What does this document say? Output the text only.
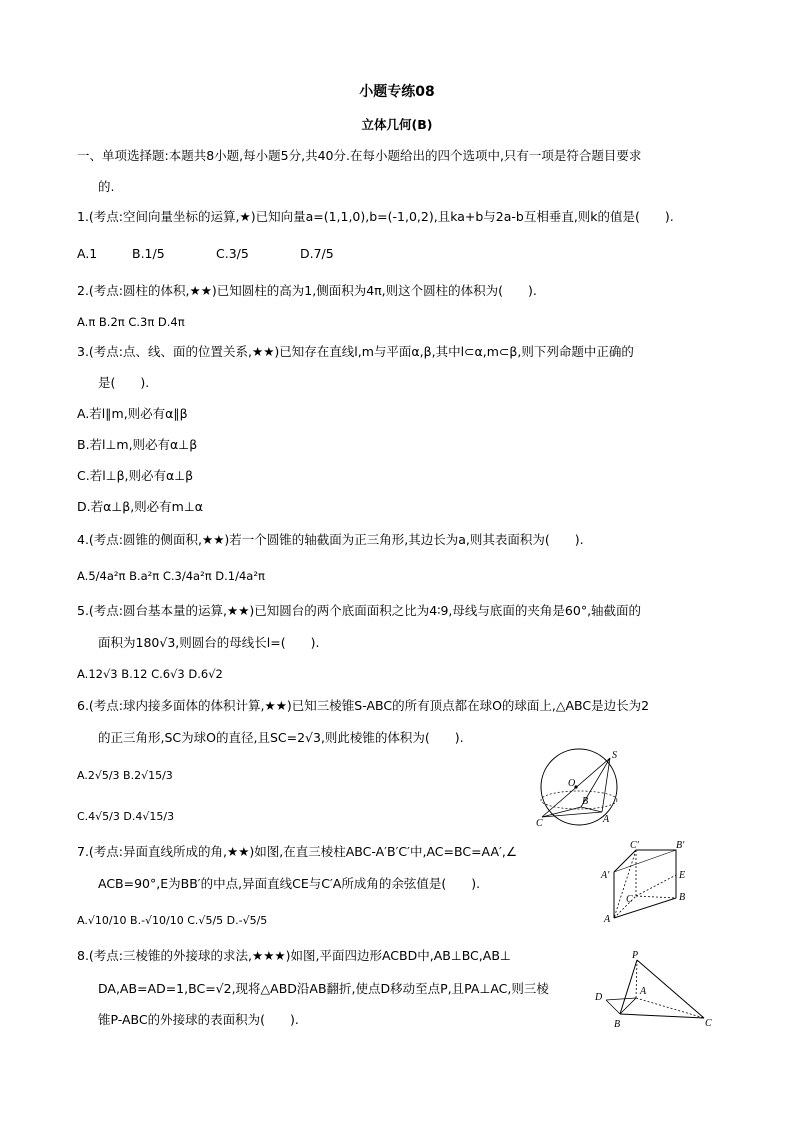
小题专练08
立体几何(B)
一、单项选择题:本题共8小题,每小题5分,共40分.在每小题给出的四个选项中,只有一项是符合题目要求
的.
1.(考点:空间向量坐标的运算,★)已知向量a=(1,1,0),b=(-1,0,2),且ka+b与2a-b互相垂直,则k的值是(　　).
A.1	B.1/5	C.3/5	D.7/5
2.(考点:圆柱的体积,★★)已知圆柱的高为1,侧面积为4π,则这个圆柱的体积为(　　).
A.π B.2π C.3π D.4π
3.(考点:点、线、面的位置关系,★★)已知存在直线l,m与平面α,β,其中l⊂α,m⊂β,则下列命题中正确的
是(　　).
A.若l∥m,则必有α∥β
B.若l⊥m,则必有α⊥β
C.若l⊥β,则必有α⊥β
D.若α⊥β,则必有m⊥α
4.(考点:圆锥的侧面积,★★)若一个圆锥的轴截面为正三角形,其边长为a,则其表面积为(　　).
A.5/4a²π B.a²π C.3/4a²π D.1/4a²π
5.(考点:圆台基本量的运算,★★)已知圆台的两个底面面积之比为4∶9,母线与底面的夹角是60°,轴截面的
面积为180√3,则圆台的母线长l=(　　).
A.12√3 B.12 C.6√3 D.6√2
6.(考点:球内接多面体的体积计算,★★)已知三棱锥S-ABC的所有顶点都在球O的球面上,△ABC是边长为2
的正三角形,SC为球O的直径,且SC=2√3,则此棱锥的体积为(　　).
A.2√5/3 B.2√15/3
C.4√5/3 D.4√15/3
S
O
B
C	A
7.(考点:异面直线所成的角,★★)如图,在直三棱柱ABC-A′B′C′中,AC=BC=AA′,∠
ACB=90°,E为BB′的中点,异面直线CE与C′A所成角的余弦值是(　　).
A.√10/10 B.-√10/10 C.√5/5 D.-√5/5
C′	B′
A′	E
C	B
A
8.(考点:三棱锥的外接球的求法,★★★)如图,平面四边形ACBD中,AB⊥BC,AB⊥
DA,AB=AD=1,BC=√2,现将△ABD沿AB翻折,使点D移动至点P,且PA⊥AC,则三棱
锥P-ABC的外接球的表面积为(　　).
P
D
A
B	C
